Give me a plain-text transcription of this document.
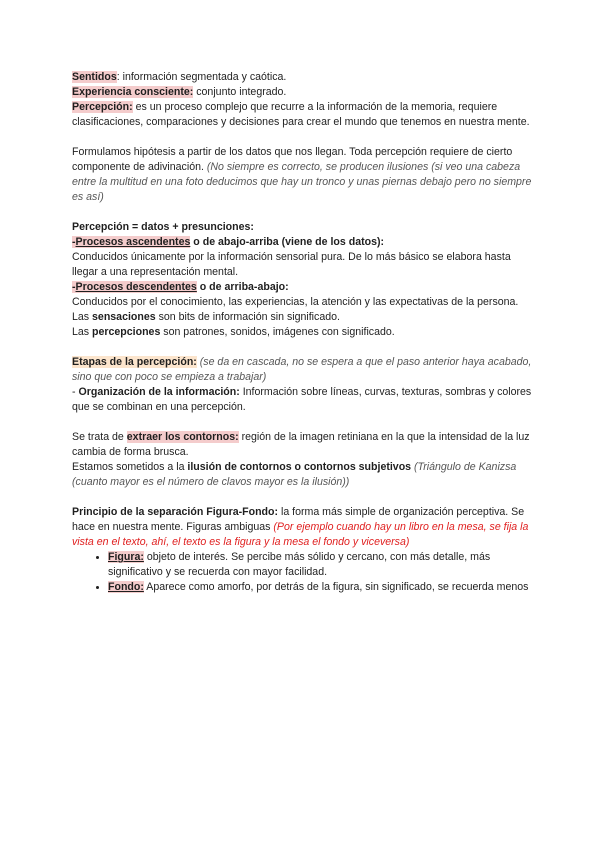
Sentidos: información segmentada y caótica.

Experiencia consciente: conjunto integrado.

Percepción: es un proceso complejo que recurre a la información de la memoria, requiere clasificaciones, comparaciones y decisiones para crear el mundo que tenemos en nuestra mente.

Formulamos hipótesis a partir de los datos que nos llegan. Toda percepción requiere de cierto componente de adivinación. (No siempre es correcto, se producen ilusiones (si veo una cabeza entre la multitud en una foto deducimos que hay un tronco y unas piernas debajo pero no siempre es así)

Percepción = datos + presunciones:

-Procesos ascendentes o de abajo-arriba (viene de los datos):

Conducidos únicamente por la información sensorial pura. De lo más básico se elabora hasta llegar a una representación mental.

-Procesos descendentes o de arriba-abajo:

Conducidos por el conocimiento, las experiencias, la atención y las expectativas de la persona.

Las sensaciones son bits de información sin significado.

Las percepciones son patrones, sonidos, imágenes con significado.

Etapas de la percepción: (se da en cascada, no se espera a que el paso anterior haya acabado, sino que con poco se empieza a trabajar)

- Organización de la información: Información sobre líneas, curvas, texturas, sombras y colores que se combinan en una percepción.

Se trata de extraer los contornos: región de la imagen retiniana en la que la intensidad de la luz cambia de forma brusca.

Estamos sometidos a la ilusión de contornos o contornos subjetivos (Triángulo de Kanizsa (cuanto mayor es el número de clavos mayor es la ilusión))

Principio de la separación Figura-Fondo: la forma más simple de organización perceptiva. Se hace en nuestra mente. Figuras ambiguas (Por ejemplo cuando hay un libro en la mesa, se fija la vista en el texto, ahí, el texto es la figura y la mesa el fondo y viceversa)

• Figura: objeto de interés. Se percibe más sólido y cercano, con más detalle, más significativo y se recuerda con mayor facilidad.
• Fondo: Aparece como amorfo, por detrás de la figura, sin significado, se recuerda menos
